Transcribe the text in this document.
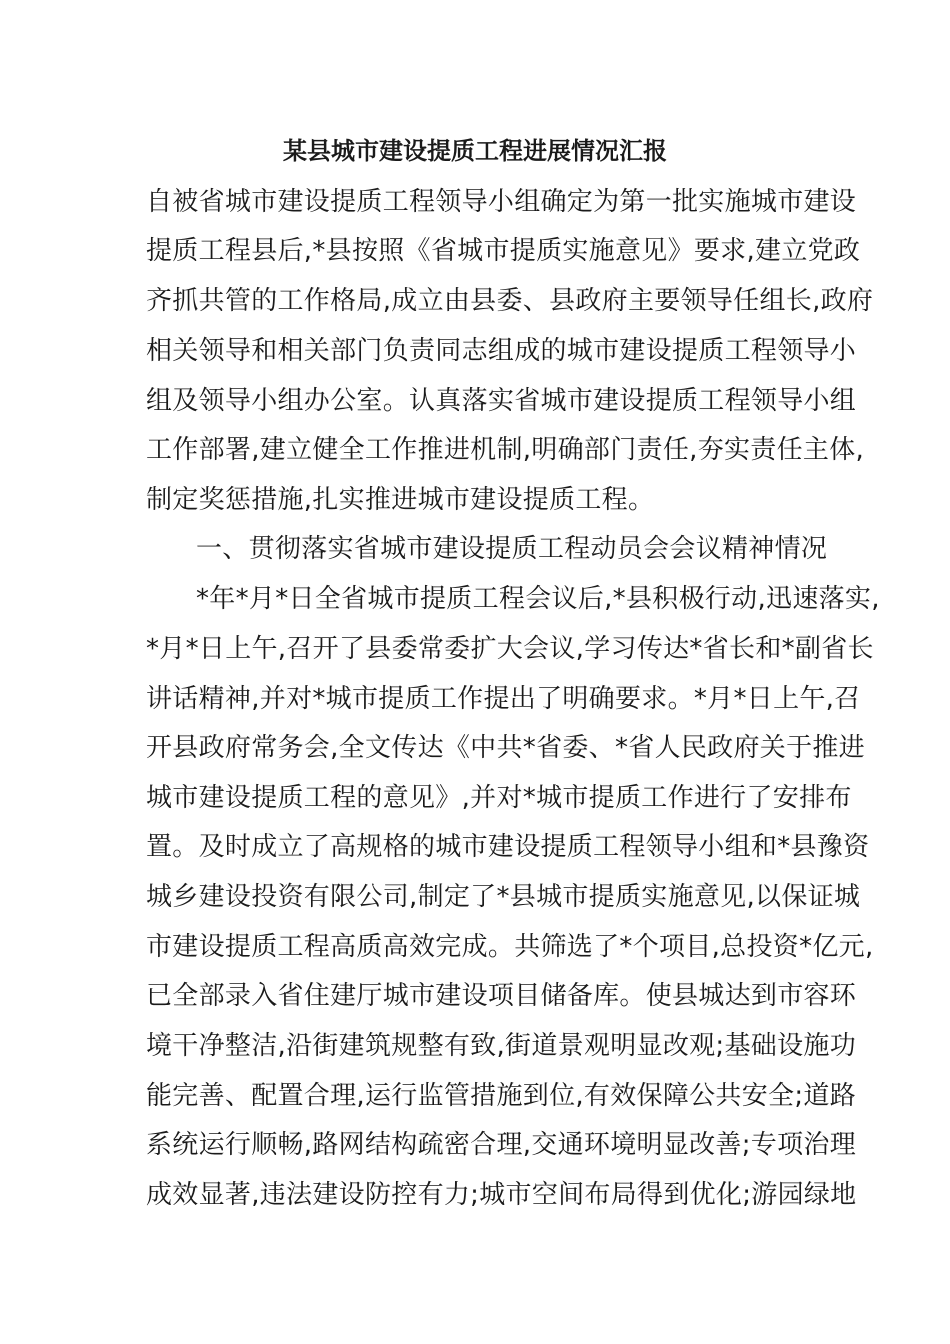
某县城市建设提质工程进展情况汇报
自被省城市建设提质工程领导小组确定为第一批实施城市建设
提质工程县后,*县按照《省城市提质实施意见》要求,建立党政
齐抓共管的工作格局,成立由县委、县政府主要领导任组长,政府
相关领导和相关部门负责同志组成的城市建设提质工程领导小
组及领导小组办公室。认真落实省城市建设提质工程领导小组
工作部署,建立健全工作推进机制,明确部门责任,夯实责任主体,
制定奖惩措施,扎实推进城市建设提质工程。
一、贯彻落实省城市建设提质工程动员会会议精神情况
*年*月*日全省城市提质工程会议后,*县积极行动,迅速落实,
*月*日上午,召开了县委常委扩大会议,学习传达*省长和*副省长
讲话精神,并对*城市提质工作提出了明确要求。*月*日上午,召
开县政府常务会,全文传达《中共*省委、*省人民政府关于推进
城市建设提质工程的意见》,并对*城市提质工作进行了安排布
置。及时成立了高规格的城市建设提质工程领导小组和*县豫资
城乡建设投资有限公司,制定了*县城市提质实施意见,以保证城
市建设提质工程高质高效完成。共筛选了*个项目,总投资*亿元,
已全部录入省住建厅城市建设项目储备库。使县城达到市容环
境干净整洁,沿街建筑规整有致,街道景观明显改观;基础设施功
能完善、配置合理,运行监管措施到位,有效保障公共安全;道路
系统运行顺畅,路网结构疏密合理,交通环境明显改善;专项治理
成效显著,违法建设防控有力;城市空间布局得到优化;游园绿地
